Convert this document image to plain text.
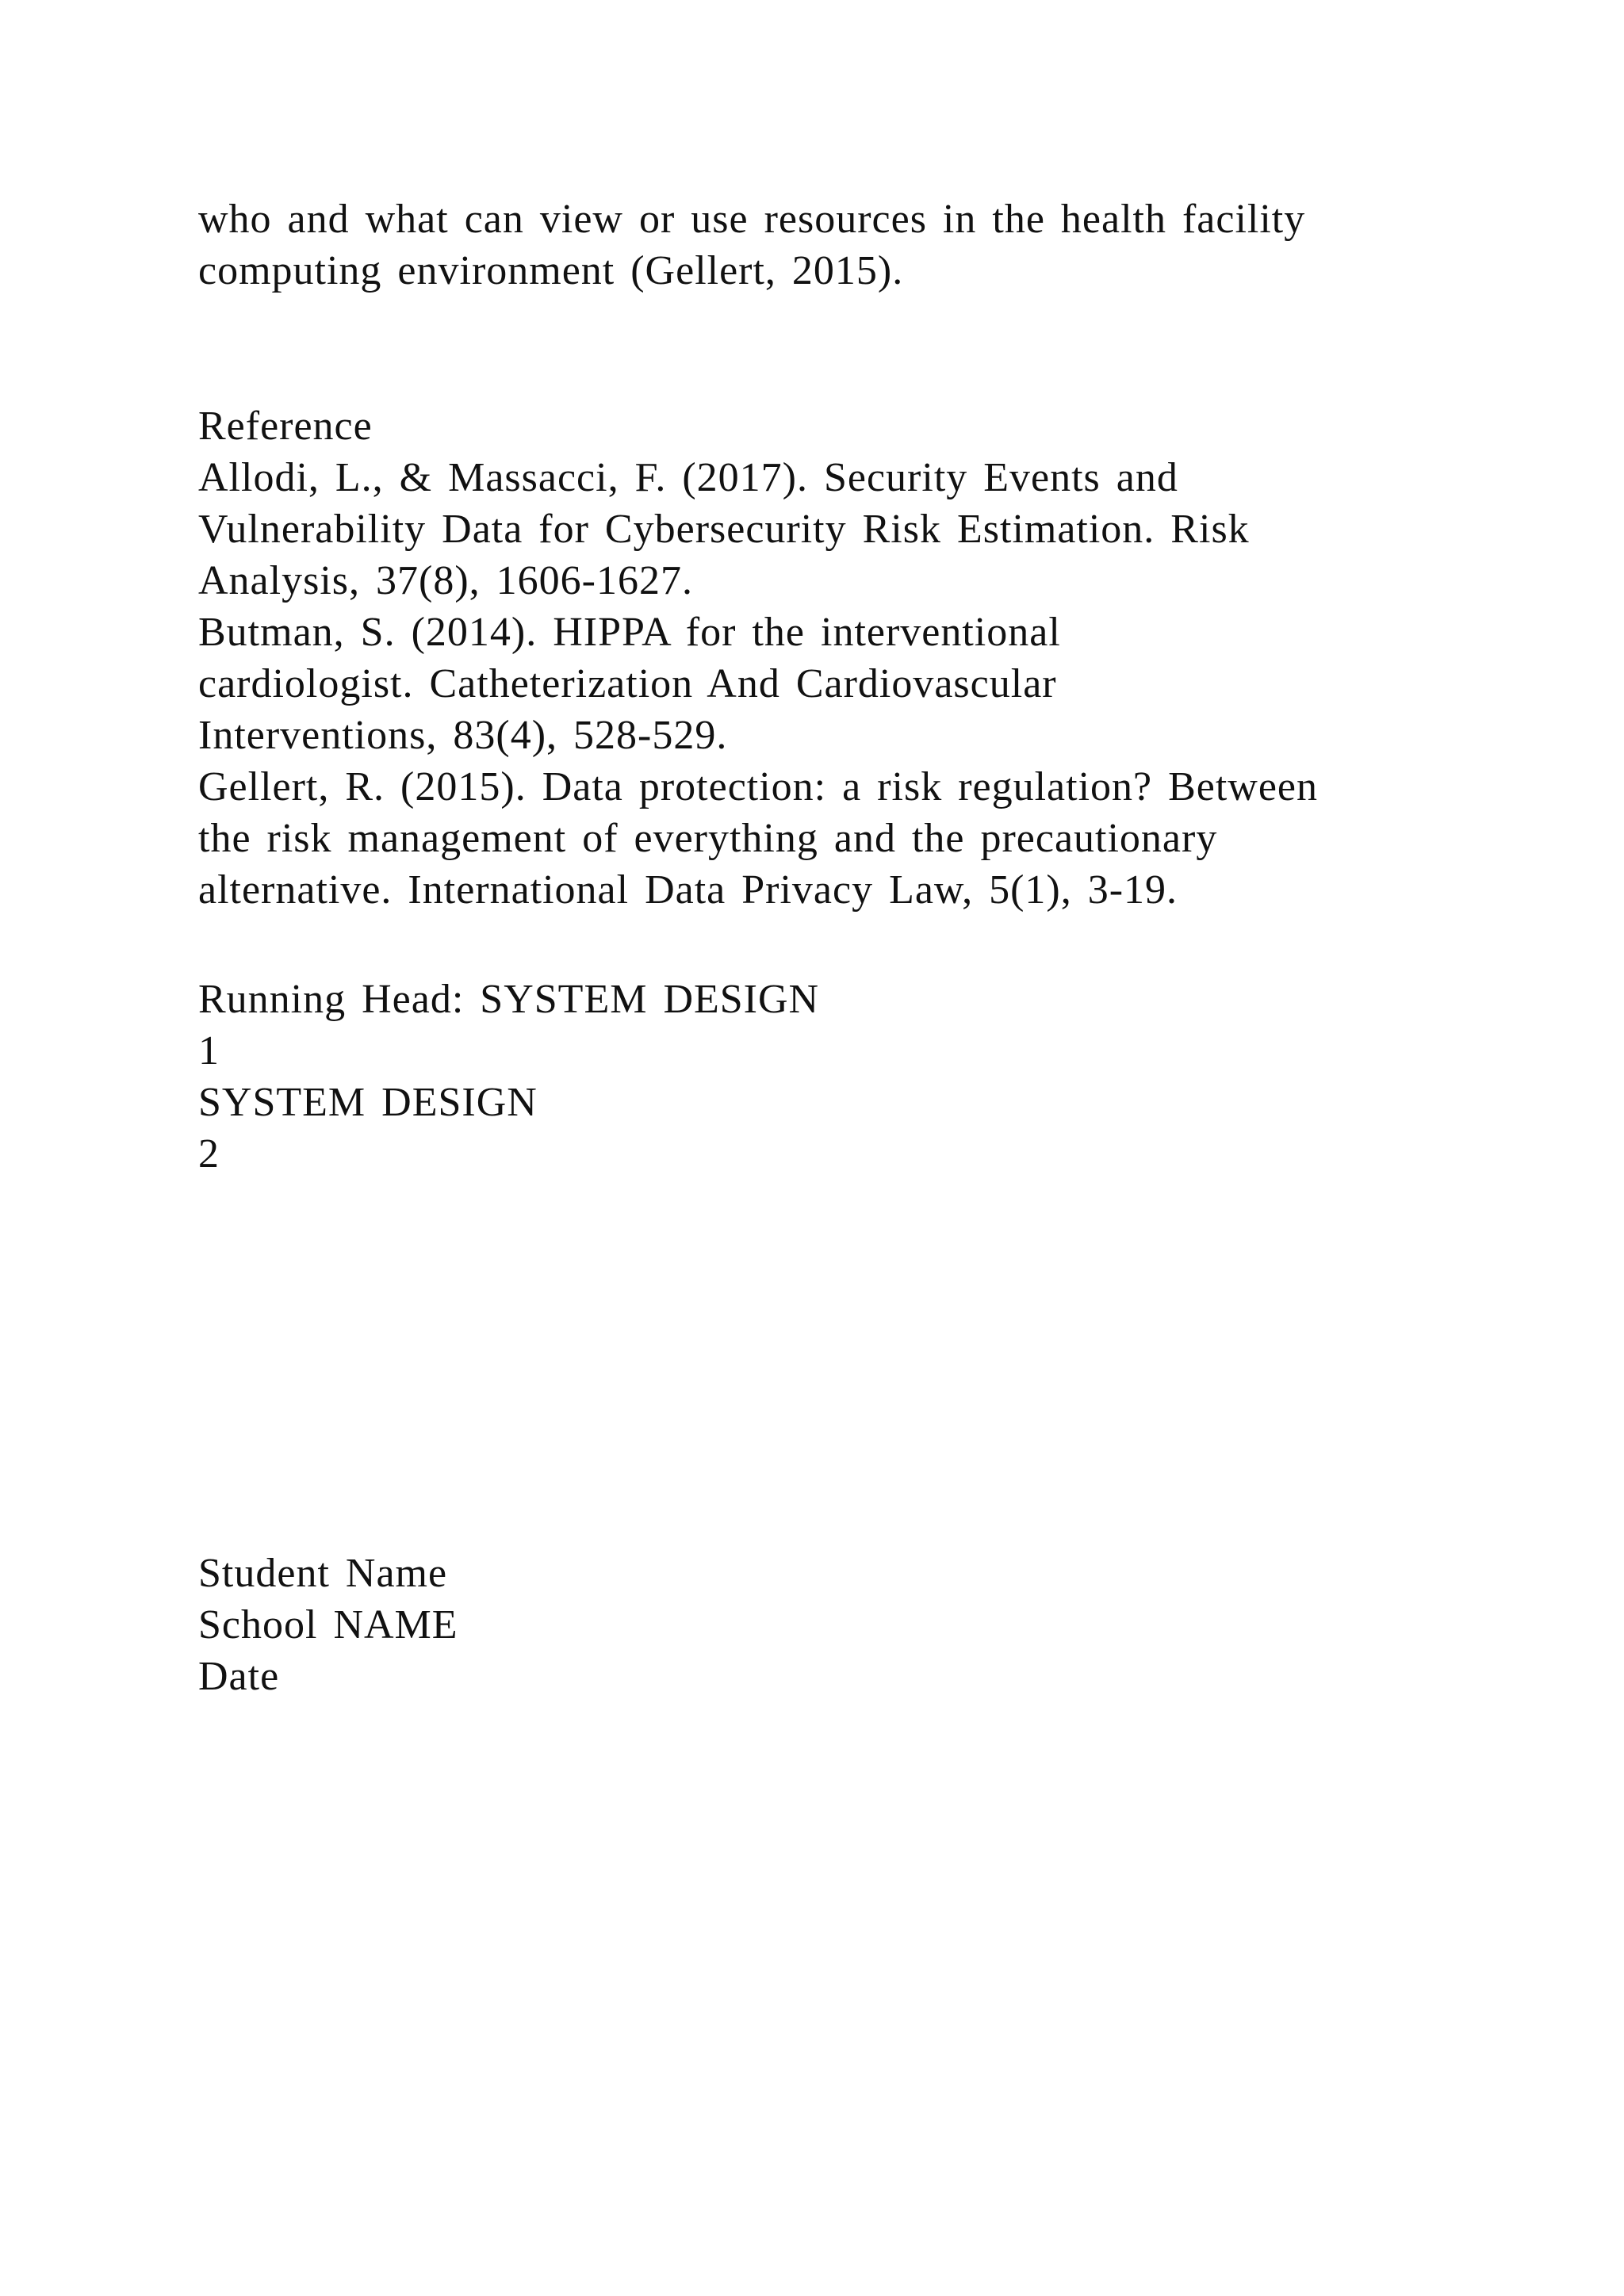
who and what can view or use resources in the health facility
computing environment (Gellert, 2015).
Reference
Allodi, L., & Massacci, F. (2017). Security Events and
Vulnerability Data for Cybersecurity Risk Estimation. Risk
Analysis, 37(8), 1606-1627.
Butman, S. (2014). HIPPA for the interventional
cardiologist. Catheterization And Cardiovascular
Interventions, 83(4), 528-529.
Gellert, R. (2015). Data protection: a risk regulation? Between
the risk management of everything and the precautionary
alternative. International Data Privacy Law, 5(1), 3-19.
Running Head: SYSTEM DESIGN
1
SYSTEM DESIGN
2
Student Name
School NAME
Date
